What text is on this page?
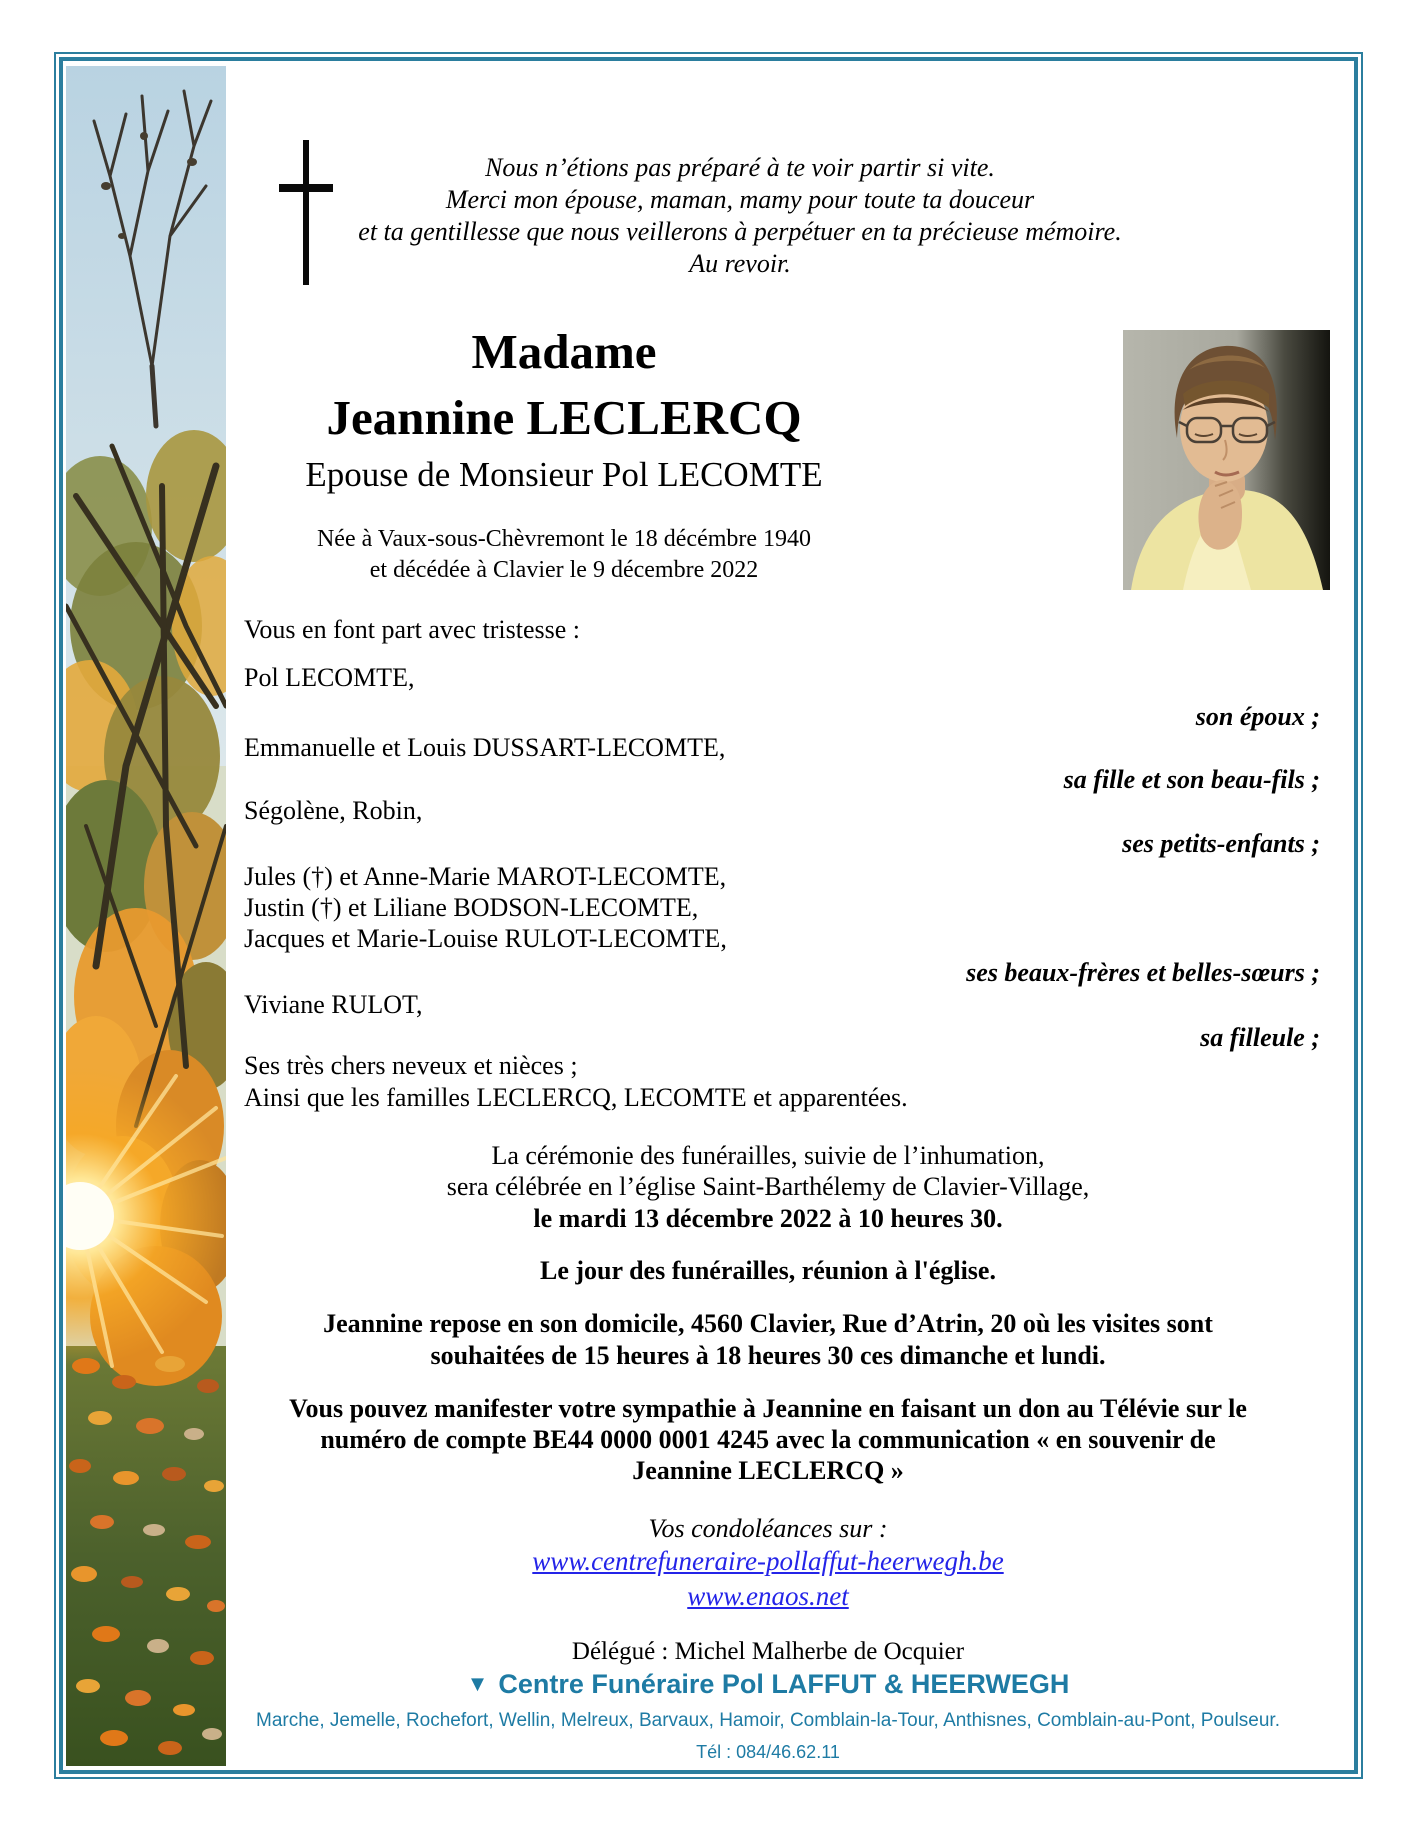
Nous n’étions pas préparé à te voir partir si vite.
Merci mon épouse, maman, mamy pour toute ta douceur
et ta gentillesse que nous veillerons à perpétuer en ta précieuse mémoire.
Au revoir.
Madame
Jeannine LECLERCQ
Epouse de Monsieur Pol LECOMTE
Née à Vaux-sous-Chèvremont le 18 décémbre 1940
et décédée à Clavier le 9 décembre 2022
Vous en font part avec tristesse :
Pol LECOMTE,
son époux ;
Emmanuelle et Louis DUSSART-LECOMTE,
sa fille et son beau-fils ;
Ségolène, Robin,
ses petits-enfants ;
Jules (†) et Anne-Marie MAROT-LECOMTE,
Justin (†) et Liliane BODSON-LECOMTE,
Jacques et Marie-Louise RULOT-LECOMTE,
ses beaux-frères et belles-sœurs ;
Viviane RULOT,
sa filleule ;
Ses très chers neveux et nièces ;
Ainsi que les familles LECLERCQ, LECOMTE et apparentées.
La cérémonie des funérailles, suivie de l’inhumation,
sera célébrée en l’église Saint-Barthélemy de Clavier-Village,
le mardi 13 décembre 2022 à 10 heures 30.
Le jour des funérailles, réunion à l'église.
Jeannine repose en son domicile, 4560 Clavier, Rue d’Atrin, 20 où les visites sont
souhaitées de 15 heures à 18 heures 30 ces dimanche et lundi.
Vous pouvez manifester votre sympathie à Jeannine en faisant un don au Télévie sur le
numéro de compte BE44 0000 0001 4245 avec la communication « en souvenir de
Jeannine LECLERCQ »
Vos condoléances sur :
www.centrefuneraire-pollaffut-heerwegh.be
www.enaos.net
Délégué : Michel Malherbe de Ocquier
▼ Centre Funéraire Pol LAFFUT & HEERWEGH
Marche, Jemelle, Rochefort, Wellin, Melreux, Barvaux, Hamoir, Comblain-la-Tour, Anthisnes, Comblain-au-Pont, Poulseur.
Tél : 084/46.62.11
